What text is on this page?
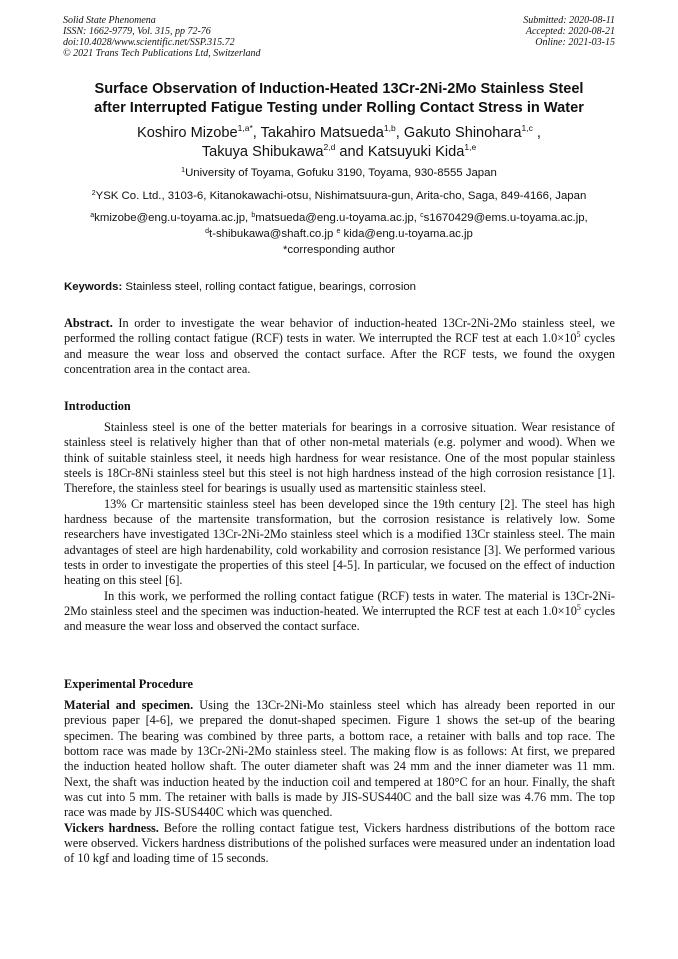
Solid State Phenomena
ISSN: 1662-9779, Vol. 315, pp 72-76
doi:10.4028/www.scientific.net/SSP.315.72
© 2021 Trans Tech Publications Ltd, Switzerland
Submitted: 2020-08-11
Accepted: 2020-08-21
Online: 2021-03-15
Surface Observation of Induction-Heated 13Cr-2Ni-2Mo Stainless Steel
after Interrupted Fatigue Testing under Rolling Contact Stress in Water
Koshiro Mizobe$^{1,a*}$, Takahiro Matsueda$^{1,b}$, Gakuto Shinohara$^{1,c}$ ,
Takuya Shibukawa$^{2,d}$ and Katsuyuki Kida$^{1,e}$
$^1$University of Toyama, Gofuku 3190, Toyama, 930-8555 Japan
$^2$YSK Co. Ltd., 3103-6, Kitanokawachi-otsu, Nishimatsuura-gun, Arita-cho, Saga, 849-4166, Japan
$^a$kmizobe@eng.u-toyama.ac.jp, $^b$matsueda@eng.u-toyama.ac.jp, $^c$s1670429@ems.u-toyama.ac.jp,
$^d$t-shibukawa@shaft.co.jp $^e$ kida@eng.u-toyama.ac.jp
*corresponding author
Keywords: Stainless steel, rolling contact fatigue, bearings, corrosion

Abstract. In order to investigate the wear behavior of induction-heated 13Cr-2Ni-2Mo stainless steel, we performed the rolling contact fatigue (RCF) tests in water. We interrupted the RCF test at each $1.0\times 10^5$ cycles and measure the wear loss and observed the contact surface. After the RCF tests, we found the oxygen concentration area in the contact area.

Introduction

Stainless steel is one of the better materials for bearings in a corrosive situation. Wear resistance of stainless steel is relatively higher than that of other non-metal materials (e.g. polymer and wood). When we think of suitable stainless steel, it needs high hardness for wear resistance. One of the most popular stainless steels is 18Cr-8Ni stainless steel but this steel is not high hardness instead of the high corrosion resistance [1]. Therefore, the stainless steel for bearings is usually used as martensitic stainless steel.

13% Cr martensitic stainless steel has been developed since the 19th century [2]. The steel has high hardness because of the martensite transformation, but the corrosion resistance is relatively low. Some researchers have investigated 13Cr-2Ni-2Mo stainless steel which is a modified 13Cr stainless steel. The main advantages of steel are high hardenability, cold workability and corrosion resistance [3]. We performed various tests in order to investigate the properties of this steel [4-5]. In particular, we focused on the effect of induction heating on this steel [6].

In this work, we performed the rolling contact fatigue (RCF) tests in water. The material is 13Cr-2Ni-2Mo stainless steel and the specimen was induction-heated. We interrupted the RCF test at each $1.0\times 10^5$ cycles and measure the wear loss and observed the contact surface.

Experimental Procedure

Material and specimen. Using the 13Cr-2Ni-Mo stainless steel which has already been reported in our previous paper [4-6], we prepared the donut-shaped specimen. Figure 1 shows the set-up of the bearing specimen. The bearing was combined by three parts, a bottom race, a retainer with balls and top race. The bottom race was made by 13Cr-2Ni-2Mo stainless steel. The making flow is as follows: At first, we prepared the induction heated hollow shaft. The outer diameter shaft was 24 mm and the inner diameter was 11 mm. Next, the shaft was induction heated by the induction coil and tempered at 180°C for an hour. Finally, the shaft was cut into 5 mm. The retainer with balls is made by JIS-SUS440C and the ball size was 4.76 mm. The top race was made by JIS-SUS440C which was quenched.

Vickers hardness. Before the rolling contact fatigue test, Vickers hardness distributions of the bottom race were observed. Vickers hardness distributions of the polished surfaces were measured under an indentation load of 10 kgf and loading time of 15 seconds.
